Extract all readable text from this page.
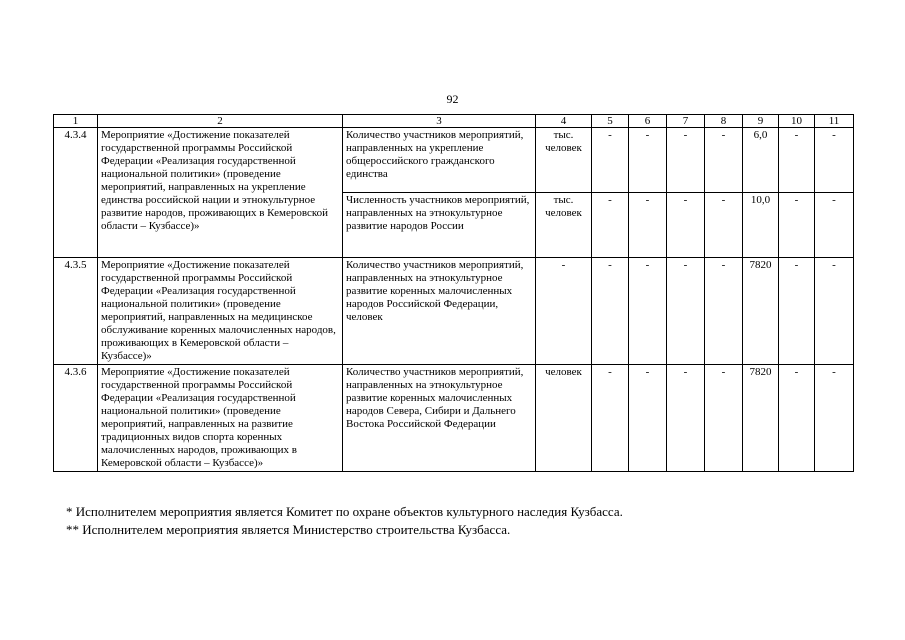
92
1	2	3	4	5	6	7	8	9	10	11
4.3.4	Мероприятие «Достижение показателей государственной программы Российской Федерации «Реализация государственной национальной политики» (проведение мероприятий, направленных на укрепление единства российской нации и этнокультурное развитие народов, проживающих в Кемеровской области – Кузбассе)»	Количество участников мероприятий, направленных на укрепление общероссийского гражданского единства	тыс. человек	-	-	-	-	6,0	-	-
		Численность участников мероприятий, направленных на этнокультурное развитие народов России	тыс. человек	-	-	-	-	10,0	-	-
4.3.5	Мероприятие «Достижение показателей государственной программы Российской Федерации «Реализация государственной национальной политики» (проведение мероприятий, направленных на медицинское обслуживание коренных малочисленных народов, проживающих в Кемеровской области – Кузбассе)»	Количество участников мероприятий, направленных на этнокультурное развитие коренных малочисленных народов Российской Федерации, человек	-	-	-	-	-	7820	-	-
4.3.6	Мероприятие «Достижение показателей государственной программы Российской Федерации «Реализация государственной национальной политики» (проведение мероприятий, направленных на развитие традиционных видов спорта коренных малочисленных народов, проживающих в Кемеровской области – Кузбассе)»	Количество участников мероприятий, направленных на этнокультурное развитие коренных малочисленных народов Севера, Сибири и Дальнего Востока Российской Федерации	человек	-	-	-	-	7820	-	-
* Исполнителем мероприятия является Комитет по охране объектов культурного наследия Кузбасса.
** Исполнителем мероприятия является Министерство строительства Кузбасса.
